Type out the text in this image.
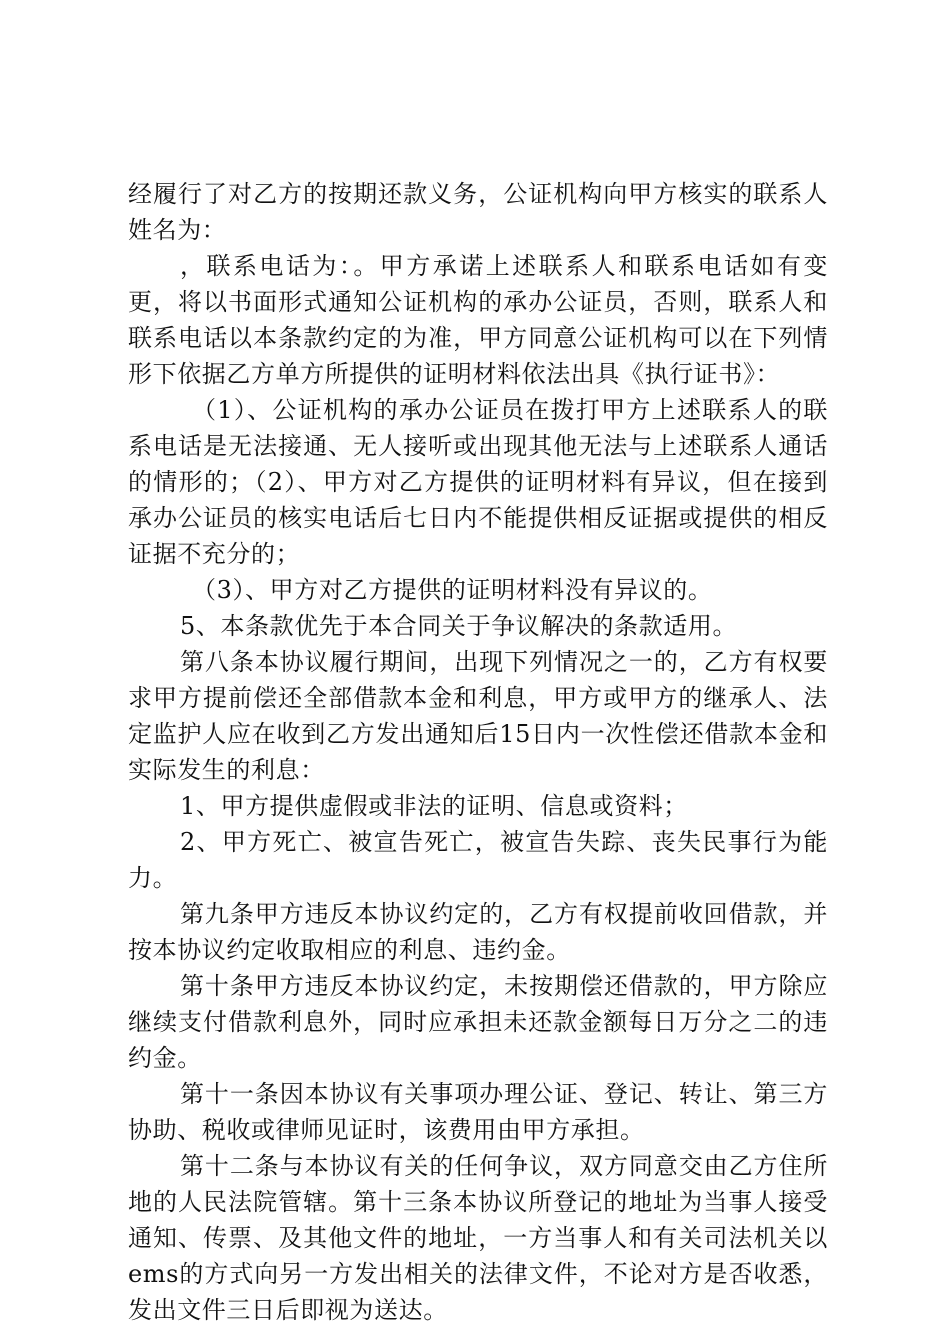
经履行了对乙方的按期还款义务，公证机构向甲方核实的联系人姓名为：

，联系电话为：。甲方承诺上述联系人和联系电话如有变更，将以书面形式通知公证机构的承办公证员，否则，联系人和联系电话以本条款约定的为准，甲方同意公证机构可以在下列情形下依据乙方单方所提供的证明材料依法出具《执行证书》：

（1）、公证机构的承办公证员在拨打甲方上述联系人的联系电话是无法接通、无人接听或出现其他无法与上述联系人通话的情形的；（2）、甲方对乙方提供的证明材料有异议，但在接到承办公证员的核实电话后七日内不能提供相反证据或提供的相反证据不充分的；

（3）、甲方对乙方提供的证明材料没有异议的。

5、本条款优先于本合同关于争议解决的条款适用。

第八条本协议履行期间，出现下列情况之一的，乙方有权要求甲方提前偿还全部借款本金和利息，甲方或甲方的继承人、法定监护人应在收到乙方发出通知后15日内一次性偿还借款本金和实际发生的利息：

1、甲方提供虚假或非法的证明、信息或资料；

2、甲方死亡、被宣告死亡，被宣告失踪、丧失民事行为能力。

第九条甲方违反本协议约定的，乙方有权提前收回借款，并按本协议约定收取相应的利息、违约金。

第十条甲方违反本协议约定，未按期偿还借款的，甲方除应继续支付借款利息外，同时应承担未还款金额每日万分之二的违约金。

第十一条因本协议有关事项办理公证、登记、转让、第三方协助、税收或律师见证时，该费用由甲方承担。

第十二条与本协议有关的任何争议，双方同意交由乙方住所地的人民法院管辖。第十三条本协议所登记的地址为当事人接受通知、传票、及其他文件的地址，一方当事人和有关司法机关以ems的方式向另一方发出相关的法律文件，不论对方是否收悉，发出文件三日后即视为送达。
